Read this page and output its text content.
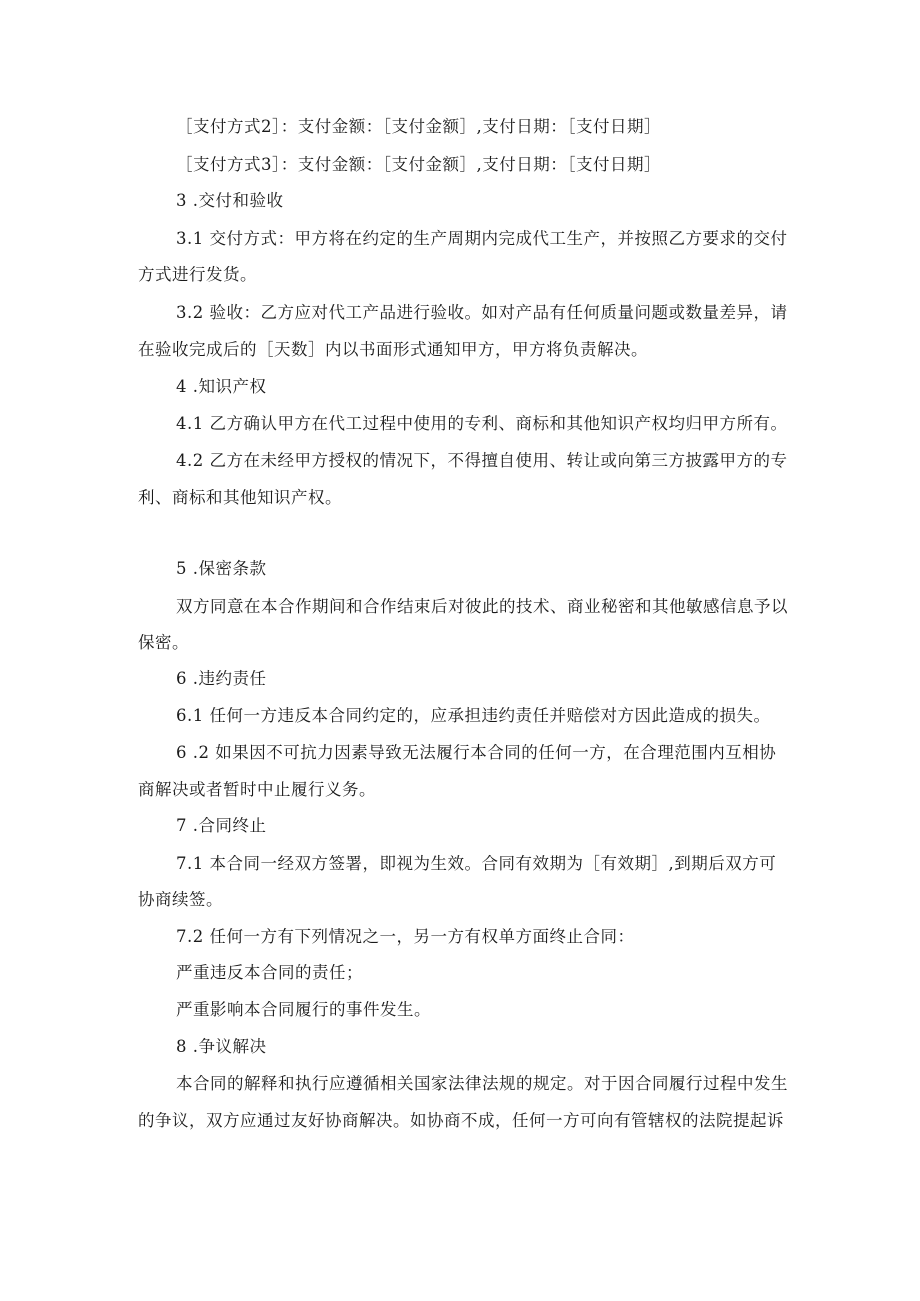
［支付方式2］：支付金额：［支付金额］,支付日期：［支付日期］
［支付方式3］：支付金额：［支付金额］,支付日期：［支付日期］
3 .交付和验收
3.1 交付方式：甲方将在约定的生产周期内完成代工生产，并按照乙方要求的交付
方式进行发货。
3.2 验收：乙方应对代工产品进行验收。如对产品有任何质量问题或数量差异，请
在验收完成后的［天数］内以书面形式通知甲方，甲方将负责解决。
4 .知识产权
4.1 乙方确认甲方在代工过程中使用的专利、商标和其他知识产权均归甲方所有。
4.2 乙方在未经甲方授权的情况下，不得擅自使用、转让或向第三方披露甲方的专
利、商标和其他知识产权。
5 .保密条款
双方同意在本合作期间和合作结束后对彼此的技术、商业秘密和其他敏感信息予以
保密。
6 .违约责任
6.1 任何一方违反本合同约定的，应承担违约责任并赔偿对方因此造成的损失。
6 .2 如果因不可抗力因素导致无法履行本合同的任何一方，在合理范围内互相协
商解决或者暂时中止履行义务。
7 .合同终止
7.1 本合同一经双方签署，即视为生效。合同有效期为［有效期］,到期后双方可
协商续签。
7.2 任何一方有下列情况之一，另一方有权单方面终止合同：
严重违反本合同的责任；
严重影响本合同履行的事件发生。
8 .争议解决
本合同的解释和执行应遵循相关国家法律法规的规定。对于因合同履行过程中发生
的争议，双方应通过友好协商解决。如协商不成，任何一方可向有管辖权的法院提起诉
